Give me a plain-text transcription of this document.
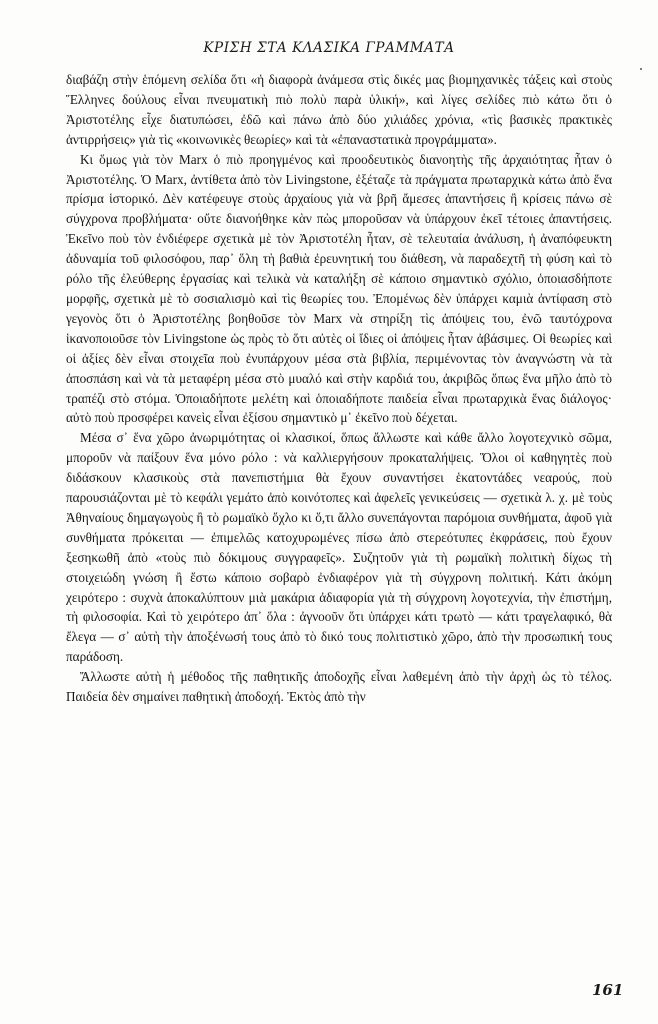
ΚΡΙΣΗ ΣΤΑ ΚΛΑΣΙΚΑ ΓΡΑΜΜΑΤΑ

διαβάζη στὴν ἑπόμενη σελίδα ὅτι «ἡ διαφορὰ ἀνάμεσα στὶς δικές μας βιομηχανικὲς τάξεις καὶ στοὺς Ἕλληνες δούλους εἶναι πνευματικὴ πιὸ πολὺ παρὰ ὑλική», καὶ λίγες σελίδες πιὸ κάτω ὅτι ὁ Ἀριστοτέλης εἶχε διατυπώσει, ἐδῶ καὶ πάνω ἀπὸ δύο χιλιάδες χρόνια, «τὶς βασικὲς πρακτικὲς ἀντιρρήσεις» γιὰ τὶς «κοινωνικὲς θεωρίες» καὶ τὰ «ἐπαναστατικὰ προγράμματα».

Κι ὅμως γιὰ τὸν Marx ὁ πιὸ προηγμένος καὶ προοδευτικὸς διανοητὴς τῆς ἀρχαιότητας ἦταν ὁ Ἀριστοτέλης. Ὁ Marx, ἀντίθετα ἀπὸ τὸν Livingstone, ἐξέταζε τὰ πράγματα πρωταρχικὰ κάτω ἀπὸ ἕνα πρίσμα ἱστορικό. Δὲν κατέφευγε στοὺς ἀρχαίους γιὰ νὰ βρῆ ἄμεσες ἀπαντήσεις ἢ κρίσεις πάνω σὲ σύγχρονα προβλήματα· οὔτε διανοήθηκε κὰν πὼς μποροῦσαν νὰ ὑπάρχουν ἐκεῖ τέτοιες ἀπαντήσεις. Ἐκεῖνο ποὺ τὸν ἐνδιέφερε σχετικὰ μὲ τὸν Ἀριστοτέλη ἦταν, σὲ τελευταία ἀνάλυση, ἡ ἀναπόφευκτη ἀδυναμία τοῦ φιλοσόφου, παρ᾿ ὅλη τὴ βαθιὰ ἐρευνητική του διάθεση, νὰ παραδεχτῆ τὴ φύση καὶ τὸ ρόλο τῆς ἐλεύθερης ἐργασίας καὶ τελικὰ νὰ καταλήξη σὲ κάποιο σημαντικὸ σχόλιο, ὁποιασδήποτε μορφῆς, σχετικὰ μὲ τὸ σοσιαλισμὸ καὶ τὶς θεωρίες του. Ἐπομένως δὲν ὑπάρχει καμιὰ ἀντίφαση στὸ γεγονὸς ὅτι ὁ Ἀριστοτέλης βοηθοῦσε τὸν Marx νὰ στηρίξη τὶς ἀπόψεις του, ἐνῶ ταυτόχρονα ἱκανοποιοῦσε τὸν Livingstone ὡς πρὸς τὸ ὅτι αὐτὲς οἱ ἴδιες οἱ ἀπόψεις ἦταν ἀβάσιμες. Οἱ θεωρίες καὶ οἱ ἀξίες δὲν εἶναι στοιχεῖα ποὺ ἐνυπάρχουν μέσα στὰ βιβλία, περιμένοντας τὸν ἀναγνώστη νὰ τὰ ἀποσπάση καὶ νὰ τὰ μεταφέρη μέσα στὸ μυαλό καὶ στὴν καρδιά του, ἀκριβῶς ὅπως ἕνα μῆλο ἀπὸ τὸ τραπέζι στὸ στόμα. Ὁποιαδήποτε μελέτη καὶ ὁποιαδήποτε παιδεία εἶναι πρωταρχικὰ ἕνας διάλογος· αὐτὸ ποὺ προσφέρει κανεὶς εἶναι ἐξίσου σημαντικὸ μ᾿ ἐκεῖνο ποὺ δέχεται.

Μέσα σ᾿ ἕνα χῶρο ἀνωριμότητας οἱ κλασικοί, ὅπως ἄλλωστε καὶ κάθε ἄλλο λογοτεχνικὸ σῶμα, μποροῦν νὰ παίξουν ἕνα μόνο ρόλο : νὰ καλλιεργήσουν προκαταλήψεις. Ὅλοι οἱ καθηγητὲς ποὺ διδάσκουν κλασικοὺς στὰ πανεπιστήμια θὰ ἔχουν συναντήσει ἑκατοντάδες νεαρούς, ποὺ παρουσιάζονται μὲ τὸ κεφάλι γεμάτο ἀπὸ κοινότοπες καὶ ἀφελεῖς γενικεύσεις — σχετικὰ λ. χ. μὲ τοὺς Ἀθηναίους δημαγωγοὺς ἢ τὸ ρωμαϊκὸ ὄχλο κι ὅ,τι ἄλλο συνεπάγονται παρόμοια συνθήματα, ἀφοῦ γιὰ συνθήματα πρόκειται — ἐπιμελῶς κατοχυρωμένες πίσω ἀπὸ στερεότυπες ἐκφράσεις, ποὺ ἔχουν ξεσηκωθῆ ἀπὸ «τοὺς πιὸ δόκιμους συγγραφεῖς». Συζητοῦν γιὰ τὴ ρωμαϊκὴ πολιτικὴ δίχως τὴ στοιχειώδη γνώση ἢ ἔστω κάποιο σοβαρὸ ἐνδιαφέρον γιὰ τὴ σύγχρονη πολιτική. Κάτι ἀκόμη χειρότερο : συχνὰ ἀποκαλύπτουν μιὰ μακάρια ἀδιαφορία γιὰ τὴ σύγχρονη λογοτεχνία, τὴν ἐπιστήμη, τὴ φιλοσοφία. Καὶ τὸ χειρότερο ἀπ᾿ ὅλα : ἀγνοοῦν ὅτι ὑπάρχει κάτι τρωτὸ — κάτι τραγελαφικό, θὰ ἔλεγα — σ᾿ αὐτὴ τὴν ἀποξένωσή τους ἀπὸ τὸ δικό τους πολιτιστικὸ χῶρο, ἀπὸ τὴν προσωπική τους παράδοση.

Ἄλλωστε αὐτὴ ἡ μέθοδος τῆς παθητικῆς ἀποδοχῆς εἶναι λαθεμένη ἀπὸ τὴν ἀρχὴ ὡς τὸ τέλος. Παιδεία δὲν σημαίνει παθητικὴ ἀποδοχή. Ἐκτὸς ἀπὸ τὴν

161
